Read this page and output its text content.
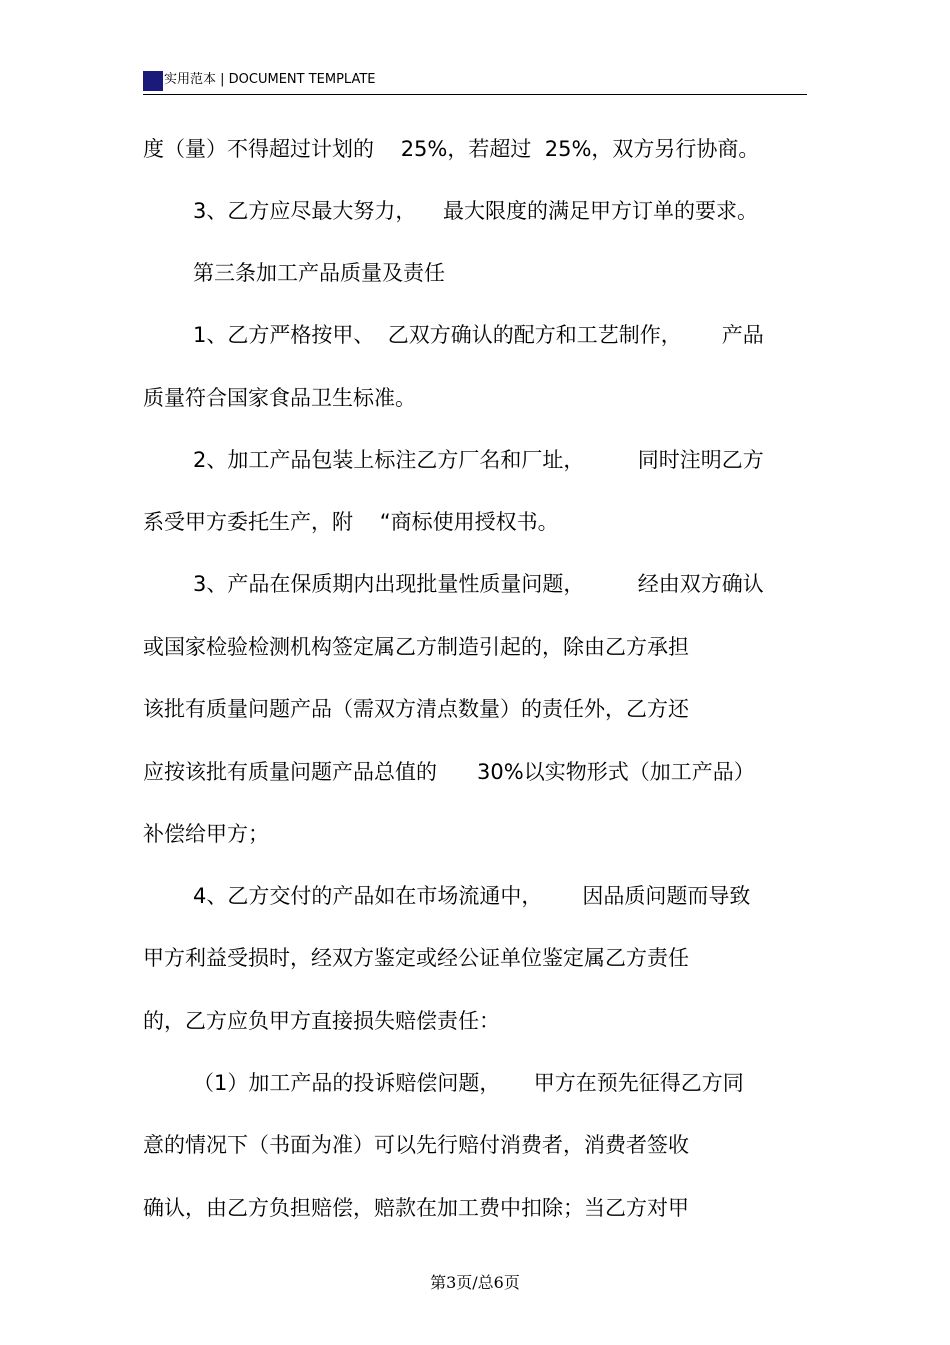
实用范本 | DOCUMENT TEMPLATE
度（量）不得超过计划的    25%，若超过  25%，双方另行协商。
3、乙方应尽最大努力，    最大限度的满足甲方订单的要求。
第三条加工产品质量及责任
1、乙方严格按甲、  乙双方确认的配方和工艺制作，      产品
质量符合国家食品卫生标准。
2、加工产品包装上标注乙方厂名和厂址，        同时注明乙方
系受甲方委托生产，附    “商标使用授权书。
3、产品在保质期内出现批量性质量问题，        经由双方确认
或国家检验检测机构签定属乙方制造引起的，除由乙方承担
该批有质量问题产品（需双方清点数量）的责任外，乙方还
应按该批有质量问题产品总值的      30%以实物形式（加工产品）
补偿给甲方；
4、乙方交付的产品如在市场流通中，      因品质问题而导致
甲方利益受损时，经双方鉴定或经公证单位鉴定属乙方责任
的，乙方应负甲方直接损失赔偿责任：
（1）加工产品的投诉赔偿问题，     甲方在预先征得乙方同
意的情况下（书面为准）可以先行赔付消费者，消费者签收
确认，由乙方负担赔偿，赔款在加工费中扣除；当乙方对甲
第3页/总6页
